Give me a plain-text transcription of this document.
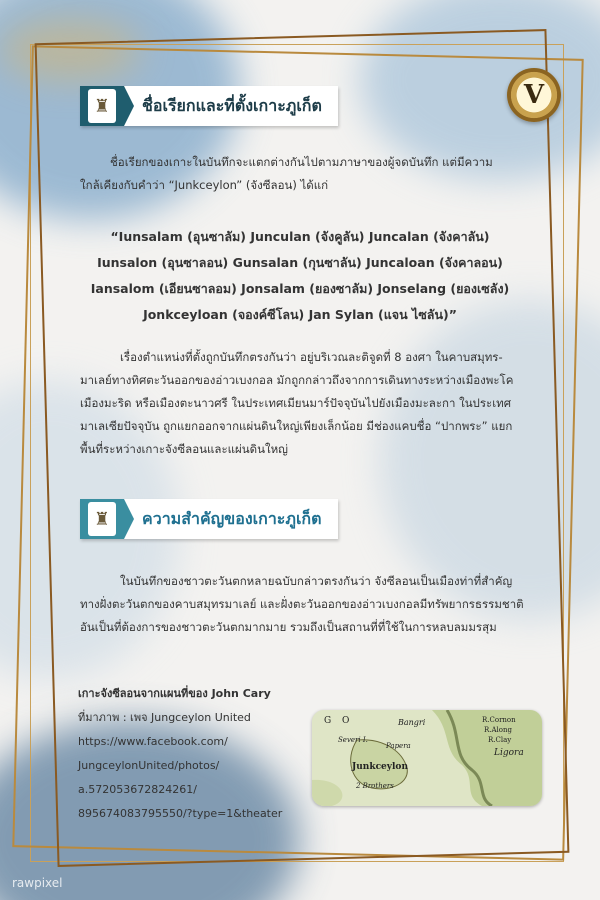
V
♜	ชื่อเรียกและที่ตั้งเกาะภูเก็ต
ชื่อเรียกของเกาะในบันทึกจะแตกต่างกันไปตามภาษาของผู้จดบันทึก แต่มีความ
ใกล้เคียงกับคำว่า “Junkceylon” (จังซีลอน) ได้แก่
“Iunsalam (อุนซาลัม) Junculan (จังคูลัน) Juncalan (จังคาลัน)
Iunsalon (อุนซาลอน) Gunsalan (กุนซาลัน) Juncaloan (จังคาลอน)
Iansalom (เอียนซาลอม) Jonsalam (ยองซาลัม) Jonselang (ยองเซลัง)
Jonkceyloan (จองค์ซีโลน) Jan Sylan (แจน ไซลัน)”
เรื่องตำแหน่งที่ตั้งถูกบันทึกตรงกันว่า อยู่บริเวณละติจูดที่ 8 องศา ในคาบสมุทร-
มาเลย์ทางทิศตะวันออกของอ่าวเบงกอล มักถูกกล่าวถึงจากการเดินทางระหว่างเมืองพะโค
เมืองมะริด หรือเมืองตะนาวศรี ในประเทศเมียนมาร์ปัจจุบันไปยังเมืองมะละกา ในประเทศ
มาเลเซียปัจจุบัน ถูกแยกออกจากแผ่นดินใหญ่เพียงเล็กน้อย มีช่องแคบชื่อ “ปากพระ” แยก
พื้นที่ระหว่างเกาะจังซีลอนและแผ่นดินใหญ่
♜	ความสำคัญของเกาะภูเก็ต
ในบันทึกของชาวตะวันตกหลายฉบับกล่าวตรงกันว่า จังซีลอนเป็นเมืองท่าที่สำคัญ
ทางฝั่งตะวันตกของคาบสมุทรมาเลย์ และฝั่งตะวันออกของอ่าวเบงกอลมีทรัพยากรธรรมชาติ
อันเป็นที่ต้องการของชาวตะวันตกมากมาย รวมถึงเป็นสถานที่ที่ใช้ในการหลบลมมรสุม
เกาะจังซีลอนจากแผนที่ของ John Cary
ที่มาภาพ : เพจ Jungceylon United
https://www.facebook.com/
JungceylonUnited/photos/
a.572053672824261/
895674083795550/?type=1&theater
G O	Bangri
Severi I.
Papera
Junkceylon
2 Brothers
R.Cornon
R.Along
R.Clay
Ligora
rawpixel
